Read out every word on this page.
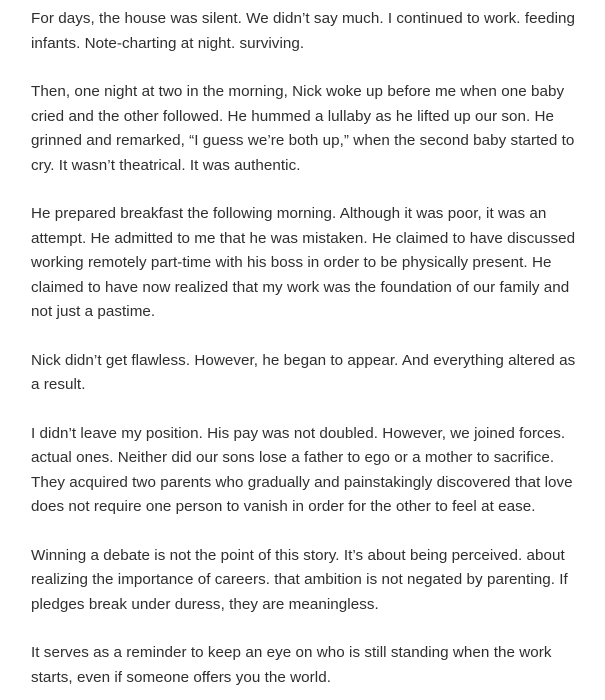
For days, the house was silent. We didn’t say much. I continued to work. feeding infants. Note-charting at night. surviving.

Then, one night at two in the morning, Nick woke up before me when one baby cried and the other followed. He hummed a lullaby as he lifted up our son. He grinned and remarked, “I guess we’re both up,” when the second baby started to cry. It wasn’t theatrical. It was authentic.

He prepared breakfast the following morning. Although it was poor, it was an attempt. He admitted to me that he was mistaken. He claimed to have discussed working remotely part-time with his boss in order to be physically present. He claimed to have now realized that my work was the foundation of our family and not just a pastime.

Nick didn’t get flawless. However, he began to appear. And everything altered as a result.

I didn’t leave my position. His pay was not doubled. However, we joined forces. actual ones. Neither did our sons lose a father to ego or a mother to sacrifice. They acquired two parents who gradually and painstakingly discovered that love does not require one person to vanish in order for the other to feel at ease.

Winning a debate is not the point of this story. It’s about being perceived. about realizing the importance of careers. that ambition is not negated by parenting. If pledges break under duress, they are meaningless.

It serves as a reminder to keep an eye on who is still standing when the work starts, even if someone offers you the world.
